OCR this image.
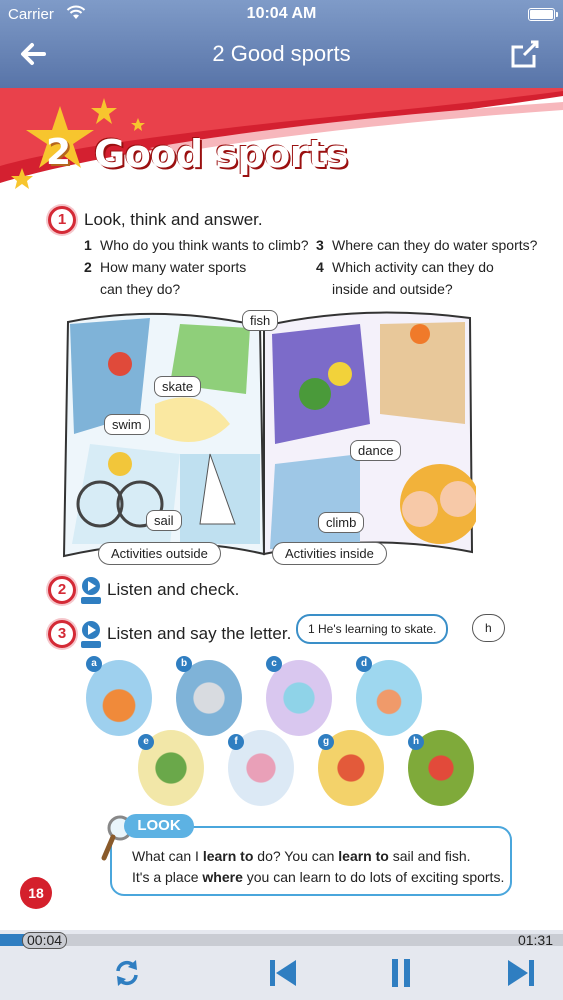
Carrier	10:04 AM
2 Good sports
2 Good sports
1	Look, think and answer.
1 Who do you think wants to climb?
2 How many water sports
can they do?
3 Where can they do water sports?
4 Which activity can they do
inside and outside?
fish
skate
swim
sail
dance
climb
Activities outside	Activities inside
2	Listen and check.
3	Listen and say the letter.	1 He's learning to skate.	h
a	b	c	d
e	f	g	h
LOOK
What can I learn to do? You can learn to sail and fish.
It's a place where you can learn to do lots of exciting sports.
18
00:04	01:31
